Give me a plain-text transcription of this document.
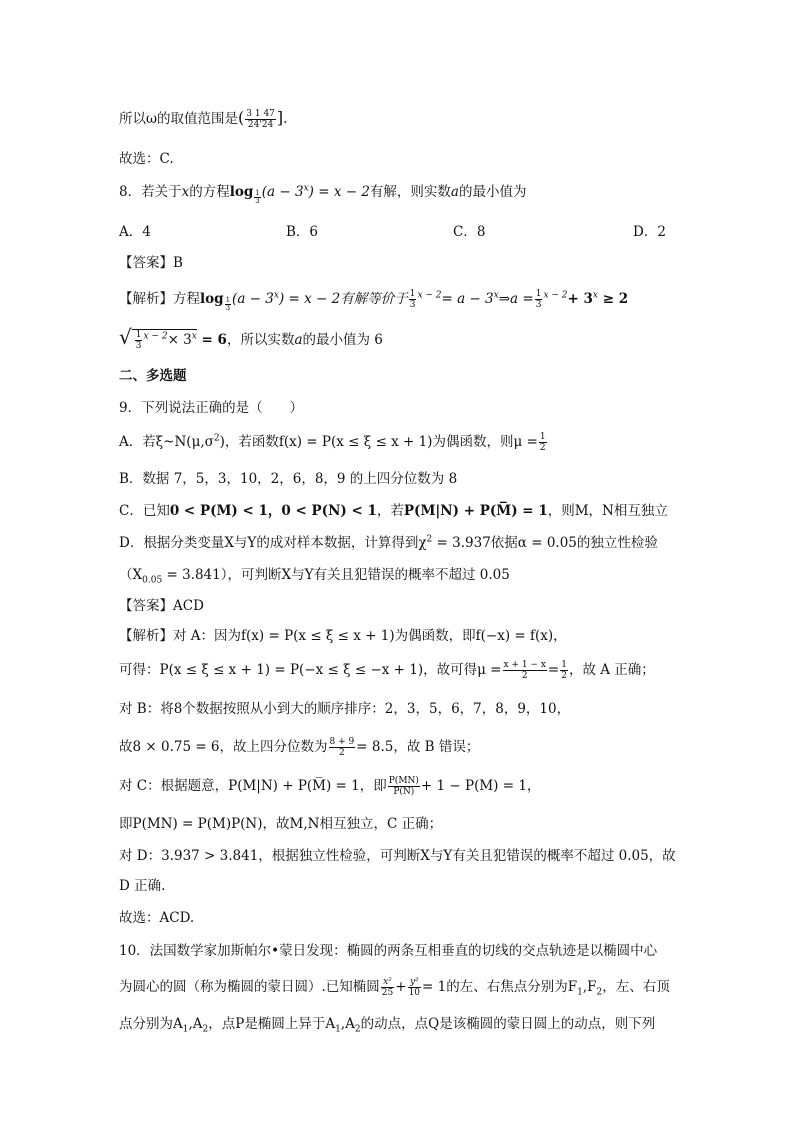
所以ω的取值范围是( $\frac{3 1 47}{24'24}$ ].
故选：C.
8．若关于x的方程log $_{\frac{1}{3}}$ $(a - 3^x) = x - 2$有解，则实数a的最小值为
A．4	B．6	C．8	D．2
【答案】B
【解析】方程log $_{\frac{1}{3}}$ $(a - 3^x) = x - 2$有解等价于 $\frac{1}{3} ^{x - 2}= a$ − $3^x\Rightarrow a = \frac{1}{3} ^{x - 2}+ 3^x \ge 2$
√ $\frac{1}{3} ^{x - 2}\times 3^x = 6$，所以实数a的最小值为 6
二、多选题
9．下列说法正确的是（　　）
A．若$\xi\sim N(\mu,\sigma^2)$，若函数f(x) = P(x ≤ ξ ≤ x + 1)为偶函数，则$\mu = \frac{1}{2}$
B．数据 7，5，3，10，2，6，8，9 的上四分位数为 8
C．已知0 < P(M) < 1，0 < P(N) < 1，若P(M|N) + P(M̅) = 1，则M，N相互独立
D．根据分类变量X与Y的成对样本数据，计算得到$\chi^2 = 3.937$依据α = 0.05的独立性检验
$(X_{0.05} = 3.841)$，可判断X与Y有关且犯错误的概率不超过 0.05
【答案】ACD
【解析】对 A：因为f(x) = P(x ≤ ξ ≤ x + 1)为偶函数，即f(−x) = f(x)，
可得：P(x ≤ ξ ≤ x + 1) = P(−x ≤ ξ ≤ −x + 1)，故可得$\mu = \frac{x + 1 - x}{2} = \frac{1}{2}$ ，故 A 正确；
对 B：将8个数据按照从小到大的顺序排序：2，3，5，6，7，8，9，10，
故8 × 0.75 = 6，故上四分位数为 $\frac{8 + 9}{2} = 8.5$，故 B 错误；
对 C：根据题意，P(M|N) + P(M̅) = 1，即 $\frac{P(MN)}{P(N)} + 1 - P(M) = 1$，
即P(MN) = P(M)P(N)，故M,N相互独立，C 正确；
对 D：3.937 > 3.841，根据独立性检验，可判断X与Y有关且犯错误的概率不超过 0.05，故
D 正确.
故选：ACD.
10．法国数学家加斯帕尔•蒙日发现：椭圆的两条互相垂直的切线的交点轨迹是以椭圆中心
为圆心的圆（称为椭圆的蒙日圆）.已知椭圆 $\frac{\text{x²}}{25} + \frac{\text{y²}}{10} = 1$的左、右焦点分别为$F_1,F_2$，左、右顶
点分别为$A_1,A_2$，点P是椭圆上异于$A_1,A_2$的动点，点Q是该椭圆的蒙日圆上的动点，则下列
